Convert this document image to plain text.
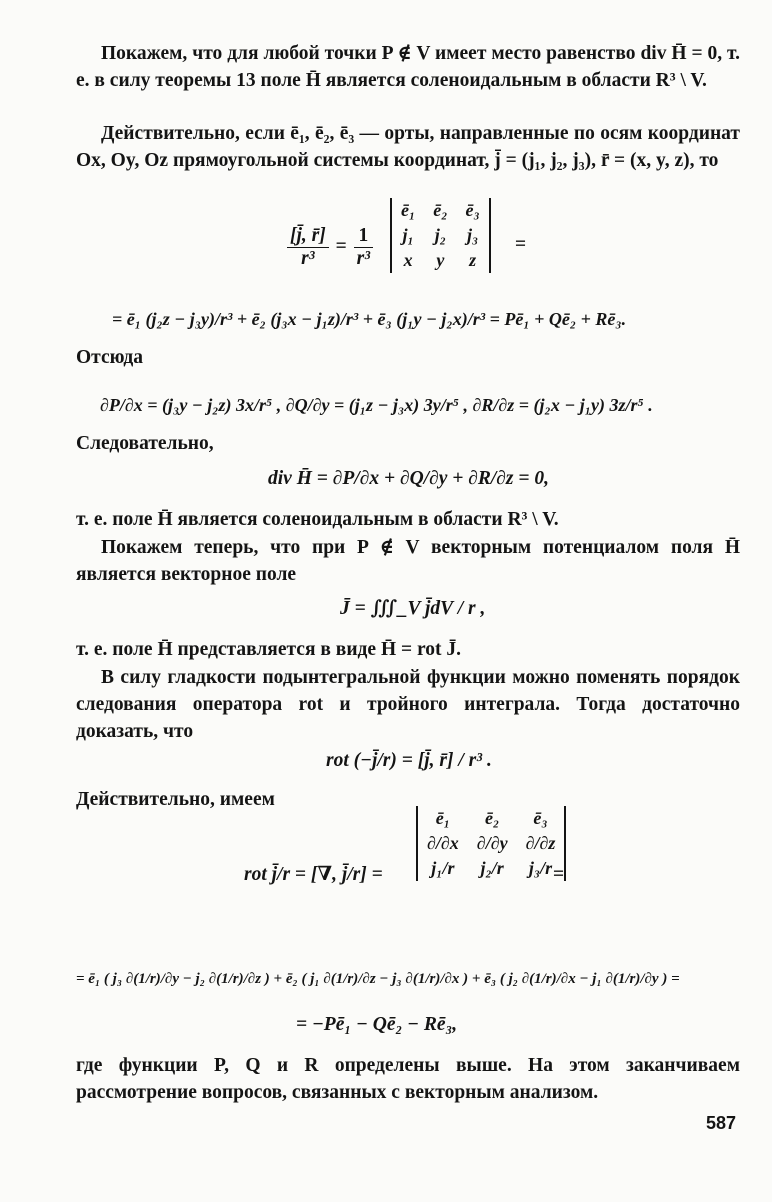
Покажем, что для любой точки P ∉ V имеет место равенство div H̄ = 0, т. е. в силу теоремы 13 поле H̄ является соленоидальным в области R³ \ V.
Действительно, если ē₁, ē₂, ē₃ — орты, направленные по осям координат Ox, Oy, Oz прямоугольной системы координат, j̄ = (j₁, j₂, j₃), r̄ = (x, y, z), то
$\frac{[j̄, r̄]}{\text{r³}} = \frac{1}{\text{r³}}$
ē₁	ē₂	ē₃
j₁	j₂	j₃
x	y	z
=
= ē₁ (j₂z − j₃y)/r³ + ē₂ (j₃x − j₁z)/r³ + ē₃ (j₁y − j₂x)/r³ = Pē₁ + Qē₂ + Rē₃.
Отсюда
∂P/∂x = (j₃y − j₂z) 3x/r⁵ , ∂Q/∂y = (j₁z − j₃x) 3y/r⁵ , ∂R/∂z = (j₂x − j₁y) 3z/r⁵ .
Следовательно,
div H̄ = ∂P/∂x + ∂Q/∂y + ∂R/∂z = 0,
т. е. поле H̄ является соленоидальным в области R³ \ V.
Покажем теперь, что при P ∉ V векторным потенциалом поля H̄ является векторное поле
J̄ = ∭_V j̄dV / r ,
т. е. поле H̄ представляется в виде H̄ = rot J̄.
В силу гладкости подынтегральной функции можно поменять порядок следования оператора rot и тройного интеграла. Тогда достаточно доказать, что
rot (−j̄/r) = [j̄, r̄] / r³ .
Действительно, имеем
rot j̄/r = [∇, j̄/r] =
ē₁	ē₂	ē₃
∂/∂x	∂/∂y	∂/∂z
j₁/r	j₂/r	j₃/r =
= ē₁ ( j₃ ∂(1/r)/∂y − j₂ ∂(1/r)/∂z ) + ē₂ ( j₁ ∂(1/r)/∂z − j₃ ∂(1/r)/∂x ) + ē₃ ( j₂ ∂(1/r)/∂x − j₁ ∂(1/r)/∂y ) =
= −Pē₁ − Qē₂ − Rē₃,
где функции P, Q и R определены выше. На этом заканчиваем рассмотрение вопросов, связанных с векторным анализом.
587
